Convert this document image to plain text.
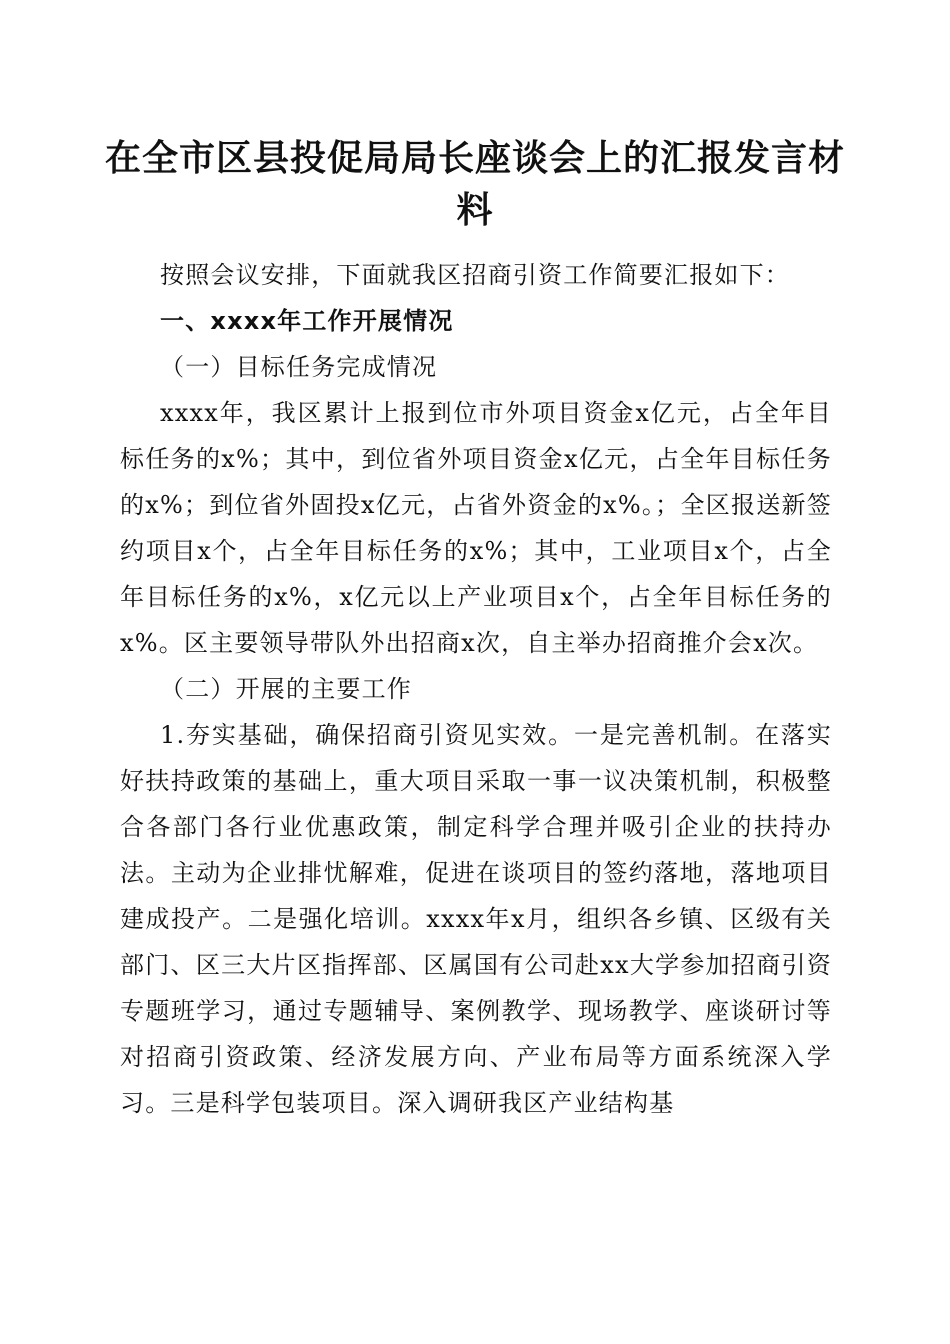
在全市区县投促局局长座谈会上的汇报发言材料

按照会议安排，下面就我区招商引资工作简要汇报如下：

一、xxxx年工作开展情况

（一）目标任务完成情况

xxxx年，我区累计上报到位市外项目资金x亿元，占全年目标任务的x%；其中，到位省外项目资金x亿元，占全年目标任务的x%；到位省外固投x亿元，占省外资金的x%。；全区报送新签约项目x个，占全年目标任务的x%；其中，工业项目x个，占全年目标任务的x%，x亿元以上产业项目x个，占全年目标任务的x%。区主要领导带队外出招商x次，自主举办招商推介会x次。

（二）开展的主要工作

1.夯实基础，确保招商引资见实效。一是完善机制。在落实好扶持政策的基础上，重大项目采取一事一议决策机制，积极整合各部门各行业优惠政策，制定科学合理并吸引企业的扶持办法。主动为企业排忧解难，促进在谈项目的签约落地，落地项目建成投产。二是强化培训。xxxx年x月，组织各乡镇、区级有关部门、区三大片区指挥部、区属国有公司赴xx大学参加招商引资专题班学习，通过专题辅导、案例教学、现场教学、座谈研讨等对招商引资政策、经济发展方向、产业布局等方面系统深入学习。三是科学包装项目。深入调研我区产业结构基
